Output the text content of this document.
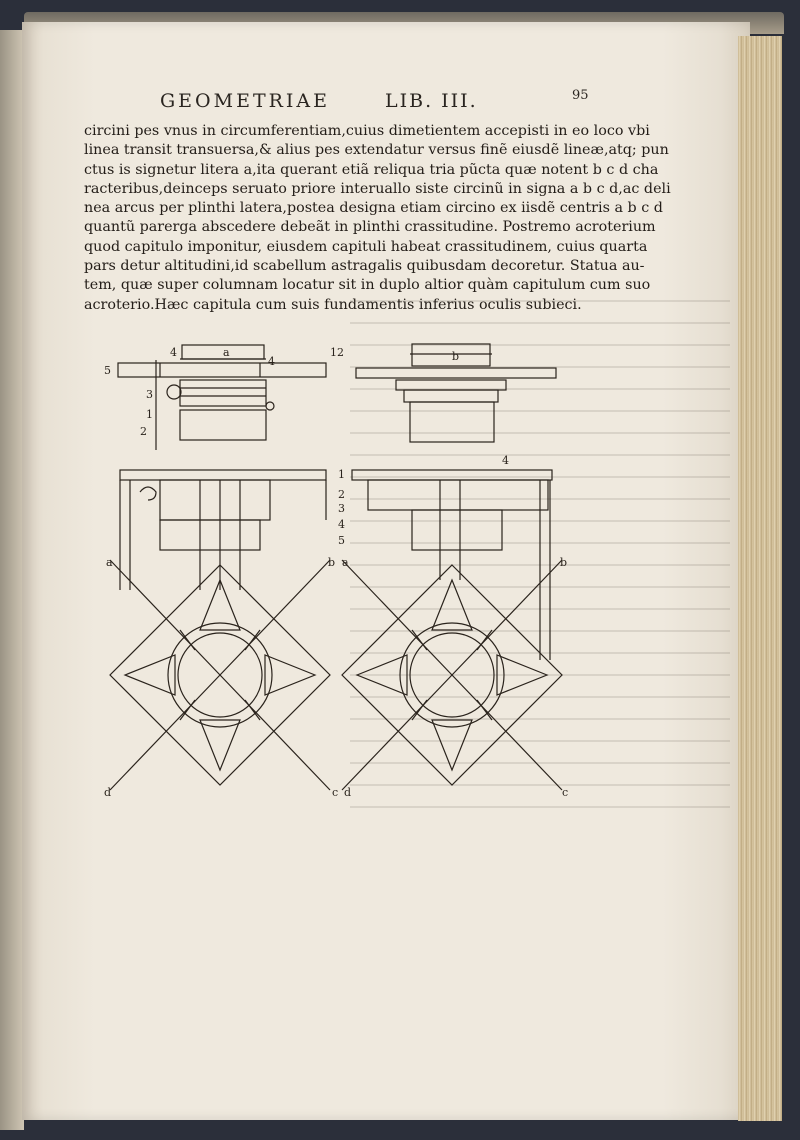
GEOMETRIAE	LIB. III.	95
circini pes vnus in circumferentiam,cuius dimetientem accepisti in eo loco vbi
linea transit transuersa,& alius pes extendatur versus finẽ eiusdẽ lineæ,atq; pun
ctus is signetur litera a,ita querant etiã reliqua tria pũcta quæ notent b c d cha
racteribus,deinceps seruato priore interuallo siste circinũ in signa a b c d,ac deli
nea arcus per plinthi latera,postea designa etiam circino ex iisdẽ centris a b c d
quantũ parerga abscedere debeãt in plinthi crassitudine. Postremo acroterium
quod capitulo imponitur, eiusdem capituli habeat crassitudinem, cuius quarta
pars detur altitudini,id scabellum astragalis quibusdam decoretur. Statua au-
tem, quæ super columnam locatur sit in duplo altior quàm capitulum cum suo
acroterio.Hæc capitula cum suis fundamentis inferius oculis subieci.
a
4
4
5
3
1
2
12	b
4
1
2
3
4
5
a	b
d	c
a	b
d	c
